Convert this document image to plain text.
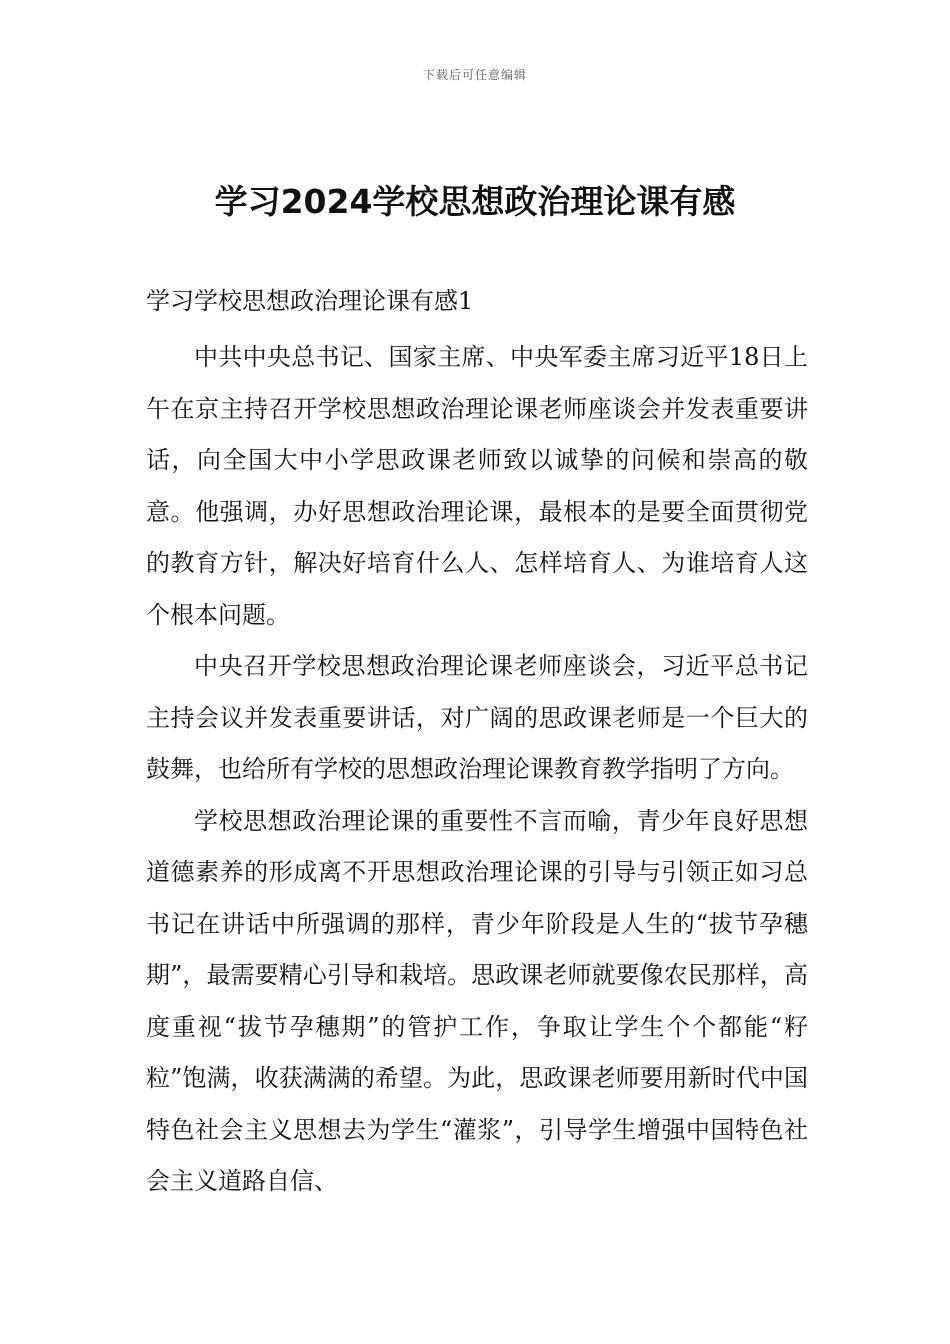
下载后可任意编辑
学习2024学校思想政治理论课有感

学习学校思想政治理论课有感1

中共中央总书记、国家主席、中央军委主席习近平18日上午在京主持召开学校思想政治理论课老师座谈会并发表重要讲话，向全国大中小学思政课老师致以诚挚的问候和崇高的敬意。他强调，办好思想政治理论课，最根本的是要全面贯彻党的教育方针，解决好培育什么人、怎样培育人、为谁培育人这个根本问题。

中央召开学校思想政治理论课老师座谈会，习近平总书记主持会议并发表重要讲话，对广阔的思政课老师是一个巨大的鼓舞，也给所有学校的思想政治理论课教育教学指明了方向。

学校思想政治理论课的重要性不言而喻，青少年良好思想道德素养的形成离不开思想政治理论课的引导与引领正如习总书记在讲话中所强调的那样，青少年阶段是人生的“拔节孕穗期”，最需要精心引导和栽培。思政课老师就要像农民那样，高度重视“拔节孕穗期”的管护工作，争取让学生个个都能“籽粒”饱满，收获满满的希望。为此，思政课老师要用新时代中国特色社会主义思想去为学生“灌浆”，引导学生增强中国特色社会主义道路自信、
